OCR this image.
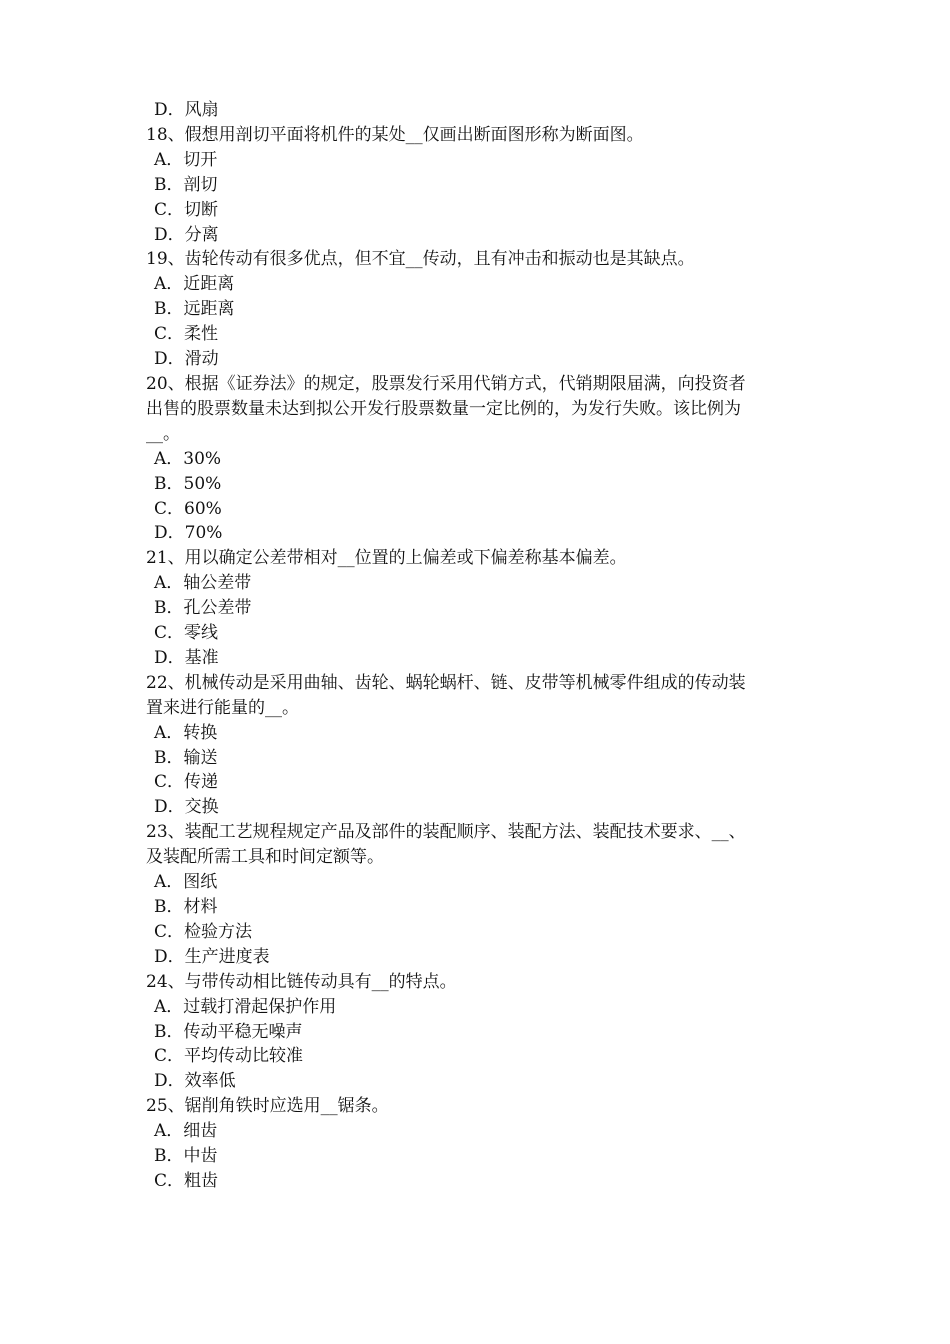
D．风扇
18、假想用剖切平面将机件的某处__仅画出断面图形称为断面图。
A．切开
B．剖切
C．切断
D．分离
19、齿轮传动有很多优点，但不宜__传动，且有冲击和振动也是其缺点。
A．近距离
B．远距离
C．柔性
D．滑动
20、根据《证券法》的规定，股票发行采用代销方式，代销期限届满，向投资者
出售的股票数量未达到拟公开发行股票数量一定比例的，为发行失败。该比例为
__。
A．30%
B．50%
C．60%
D．70%
21、用以确定公差带相对__位置的上偏差或下偏差称基本偏差。
A．轴公差带
B．孔公差带
C．零线
D．基准
22、机械传动是采用曲轴、齿轮、蜗轮蜗杆、链、皮带等机械零件组成的传动装
置来进行能量的__。
A．转换
B．输送
C．传递
D．交换
23、装配工艺规程规定产品及部件的装配顺序、装配方法、装配技术要求、__、
及装配所需工具和时间定额等。
A．图纸
B．材料
C．检验方法
D．生产进度表
24、与带传动相比链传动具有__的特点。
A．过载打滑起保护作用
B．传动平稳无噪声
C．平均传动比较准
D．效率低
25、锯削角铁时应选用__锯条。
A．细齿
B．中齿
C．粗齿
